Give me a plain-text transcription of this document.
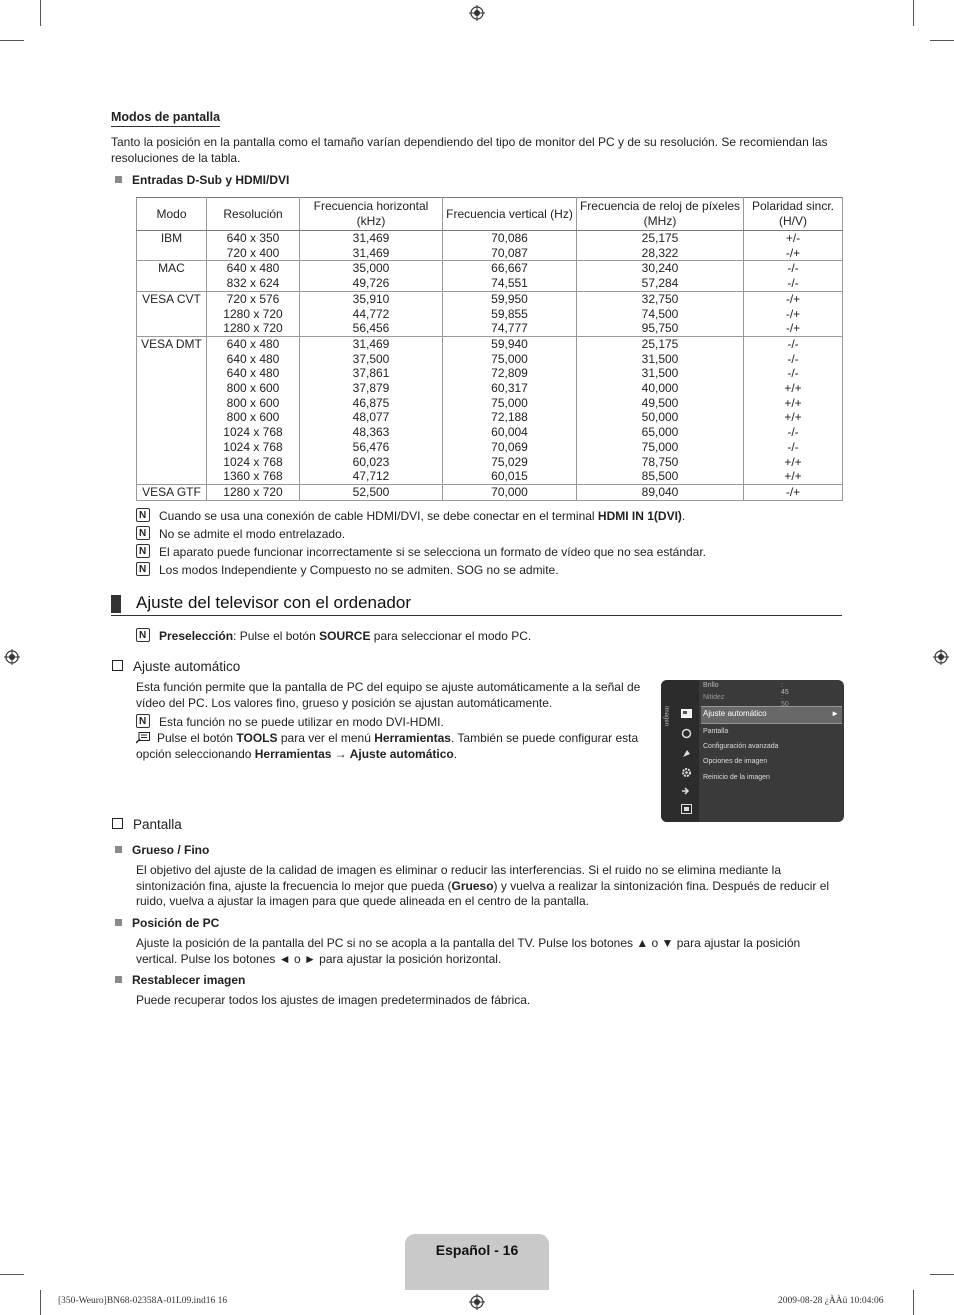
Modos de pantalla
Tanto la posición en la pantalla como el tamaño varían dependiendo del tipo de monitor del PC y de su resolución. Se recomiendan las resoluciones de la tabla.
Entradas D-Sub y HDMI/DVI
Modo	Resolución	Frecuencia horizontal (kHz)	Frecuencia vertical (Hz)	Frecuencia de reloj de píxeles (MHz)	Polaridad sincr. (H/V)
IBM	640 x 350	31,469	70,086	25,175	+/-
	720 x 400	31,469	70,087	28,322	-/+
MAC	640 x 480	35,000	66,667	30,240	-/-
	832 x 624	49,726	74,551	57,284	-/-
VESA CVT	720 x 576	35,910	59,950	32,750	-/+
	1280 x 720	44,772	59,855	74,500	-/+
	1280 x 720	56,456	74,777	95,750	-/+
VESA DMT	640 x 480	31,469	59,940	25,175	-/-
	640 x 480	37,500	75,000	31,500	-/-
	640 x 480	37,861	72,809	31,500	-/-
	800 x 600	37,879	60,317	40,000	+/+
	800 x 600	46,875	75,000	49,500	+/+
	800 x 600	48,077	72,188	50,000	+/+
	1024 x 768	48,363	60,004	65,000	-/-
	1024 x 768	56,476	70,069	75,000	-/-
	1024 x 768	60,023	75,029	78,750	+/+
	1360 x 768	47,712	60,015	85,500	+/+
VESA GTF	1280 x 720	52,500	70,000	89,040	-/+
NCuando se usa una conexión de cable HDMI/DVI, se debe conectar en el terminal HDMI IN 1(DVI).
NNo se admite el modo entrelazado.
NEl aparato puede funcionar incorrectamente si se selecciona un formato de vídeo que no sea estándar.
NLos modos Independiente y Compuesto no se admiten. SOG no se admite.
Ajuste del televisor con el ordenador
NPreselección: Pulse el botón SOURCE para seleccionar el modo PC.
Ajuste automático
Esta función permite que la pantalla de PC del equipo se ajuste automáticamente a la señal de vídeo del PC. Los valores fino, grueso y posición se ajustan automáticamente.
NEsta función no se puede utilizar en modo DVI-HDMI.
Pulse el botón TOOLS para ver el menú Herramientas. También se puede configurar esta opción seleccionando Herramientas → Ajuste automático.
Imagen
Brillo	: 45
Nitidez	: 50
Ajuste automático	►
Pantalla
Configuración avanzada
Opciones de imagen
Reinicio de la imagen
Pantalla
Grueso / Fino
El objetivo del ajuste de la calidad de imagen es eliminar o reducir las interferencias. Si el ruido no se elimina mediante la sintonización fina, ajuste la frecuencia lo mejor que pueda (Grueso) y vuelva a realizar la sintonización fina. Después de reducir el ruido, vuelva a ajustar la imagen para que quede alineada en el centro de la pantalla.
Posición de PC
Ajuste la posición de la pantalla del PC si no se acopla a la pantalla del TV. Pulse los botones ▲ o ▼ para ajustar la posición vertical. Pulse los botones ◄ o ► para ajustar la posición horizontal.
Restablecer imagen
Puede recuperar todos los ajustes de imagen predeterminados de fábrica.
Español - 16
[350-Weuro]BN68-02358A-01L09.ind16 16	2009-08-28 ¿ÀÀü 10:04:06
